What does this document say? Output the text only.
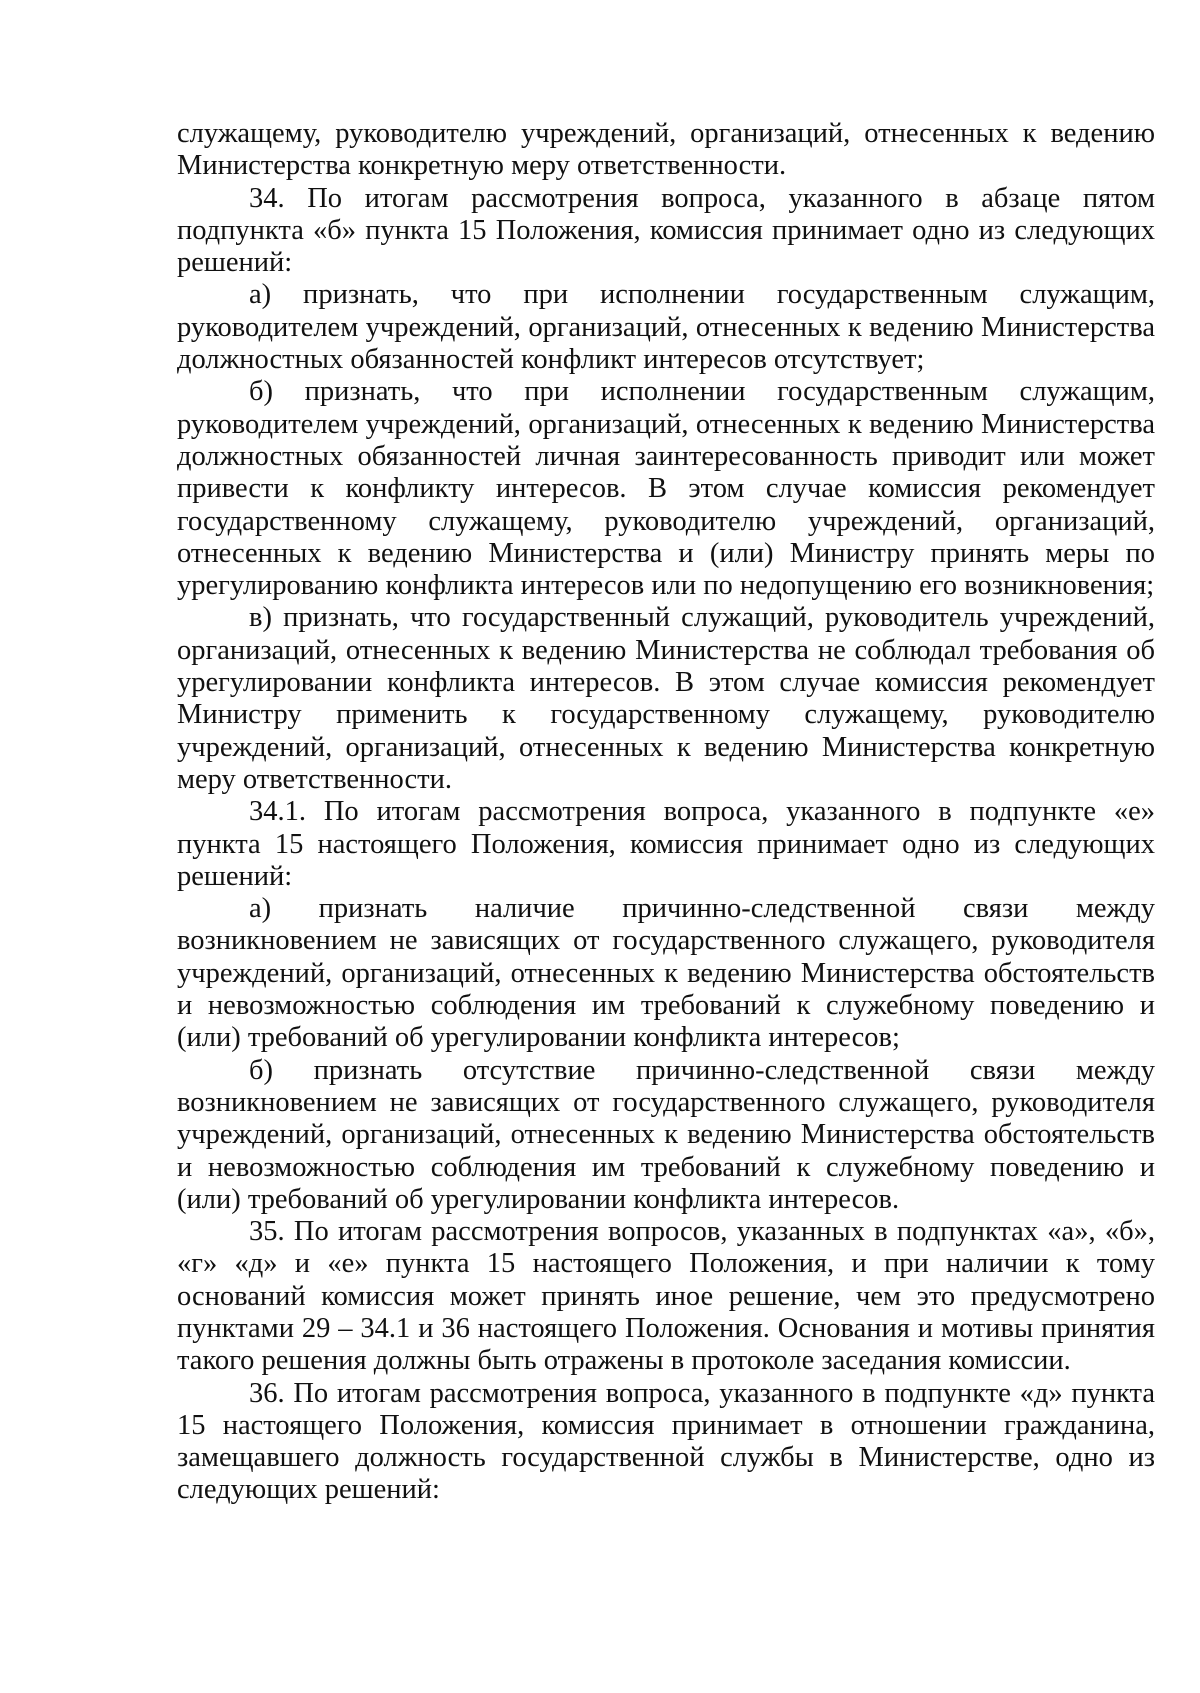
служащему, руководителю учреждений, организаций, отнесенных к ведению Министерства конкретную меру ответственности.

34. По итогам рассмотрения вопроса, указанного в абзаце пятом подпункта «б» пункта 15 Положения, комиссия принимает одно из следующих решений:

а) признать, что при исполнении государственным служащим, руководителем учреждений, организаций, отнесенных к ведению Министерства должностных обязанностей конфликт интересов отсутствует;

б) признать, что при исполнении государственным служащим, руководителем учреждений, организаций, отнесенных к ведению Министерства должностных обязанностей личная заинтересованность приводит или может привести к конфликту интересов. В этом случае комиссия рекомендует государственному служащему, руководителю учреждений, организаций, отнесенных к ведению Министерства и (или) Министру принять меры по урегулированию конфликта интересов или по недопущению его возникновения;

в) признать, что государственный служащий, руководитель учреждений, организаций, отнесенных к ведению Министерства не соблюдал требования об урегулировании конфликта интересов. В этом случае комиссия рекомендует Министру применить к государственному служащему, руководителю учреждений, организаций, отнесенных к ведению Министерства конкретную меру ответственности.

34.1. По итогам рассмотрения вопроса, указанного в подпункте «е» пункта 15 настоящего Положения, комиссия принимает одно из следующих решений:

а) признать наличие причинно-следственной связи между возникновением не зависящих от государственного служащего, руководителя учреждений, организаций, отнесенных к ведению Министерства обстоятельств и невозможностью соблюдения им требований к служебному поведению и (или) требований об урегулировании конфликта интересов;

б) признать отсутствие причинно-следственной связи между возникновением не зависящих от государственного служащего, руководителя учреждений, организаций, отнесенных к ведению Министерства обстоятельств и невозможностью соблюдения им требований к служебному поведению и (или) требований об урегулировании конфликта интересов.

35. По итогам рассмотрения вопросов, указанных в подпунктах «а», «б», «г» «д» и «е» пункта 15 настоящего Положения, и при наличии к тому оснований комиссия может принять иное решение, чем это предусмотрено пунктами 29 – 34.1 и 36 настоящего Положения. Основания и мотивы принятия такого решения должны быть отражены в протоколе заседания комиссии.

36. По итогам рассмотрения вопроса, указанного в подпункте «д» пункта 15 настоящего Положения, комиссия принимает в отношении гражданина, замещавшего должность государственной службы в Министерстве, одно из следующих решений:
